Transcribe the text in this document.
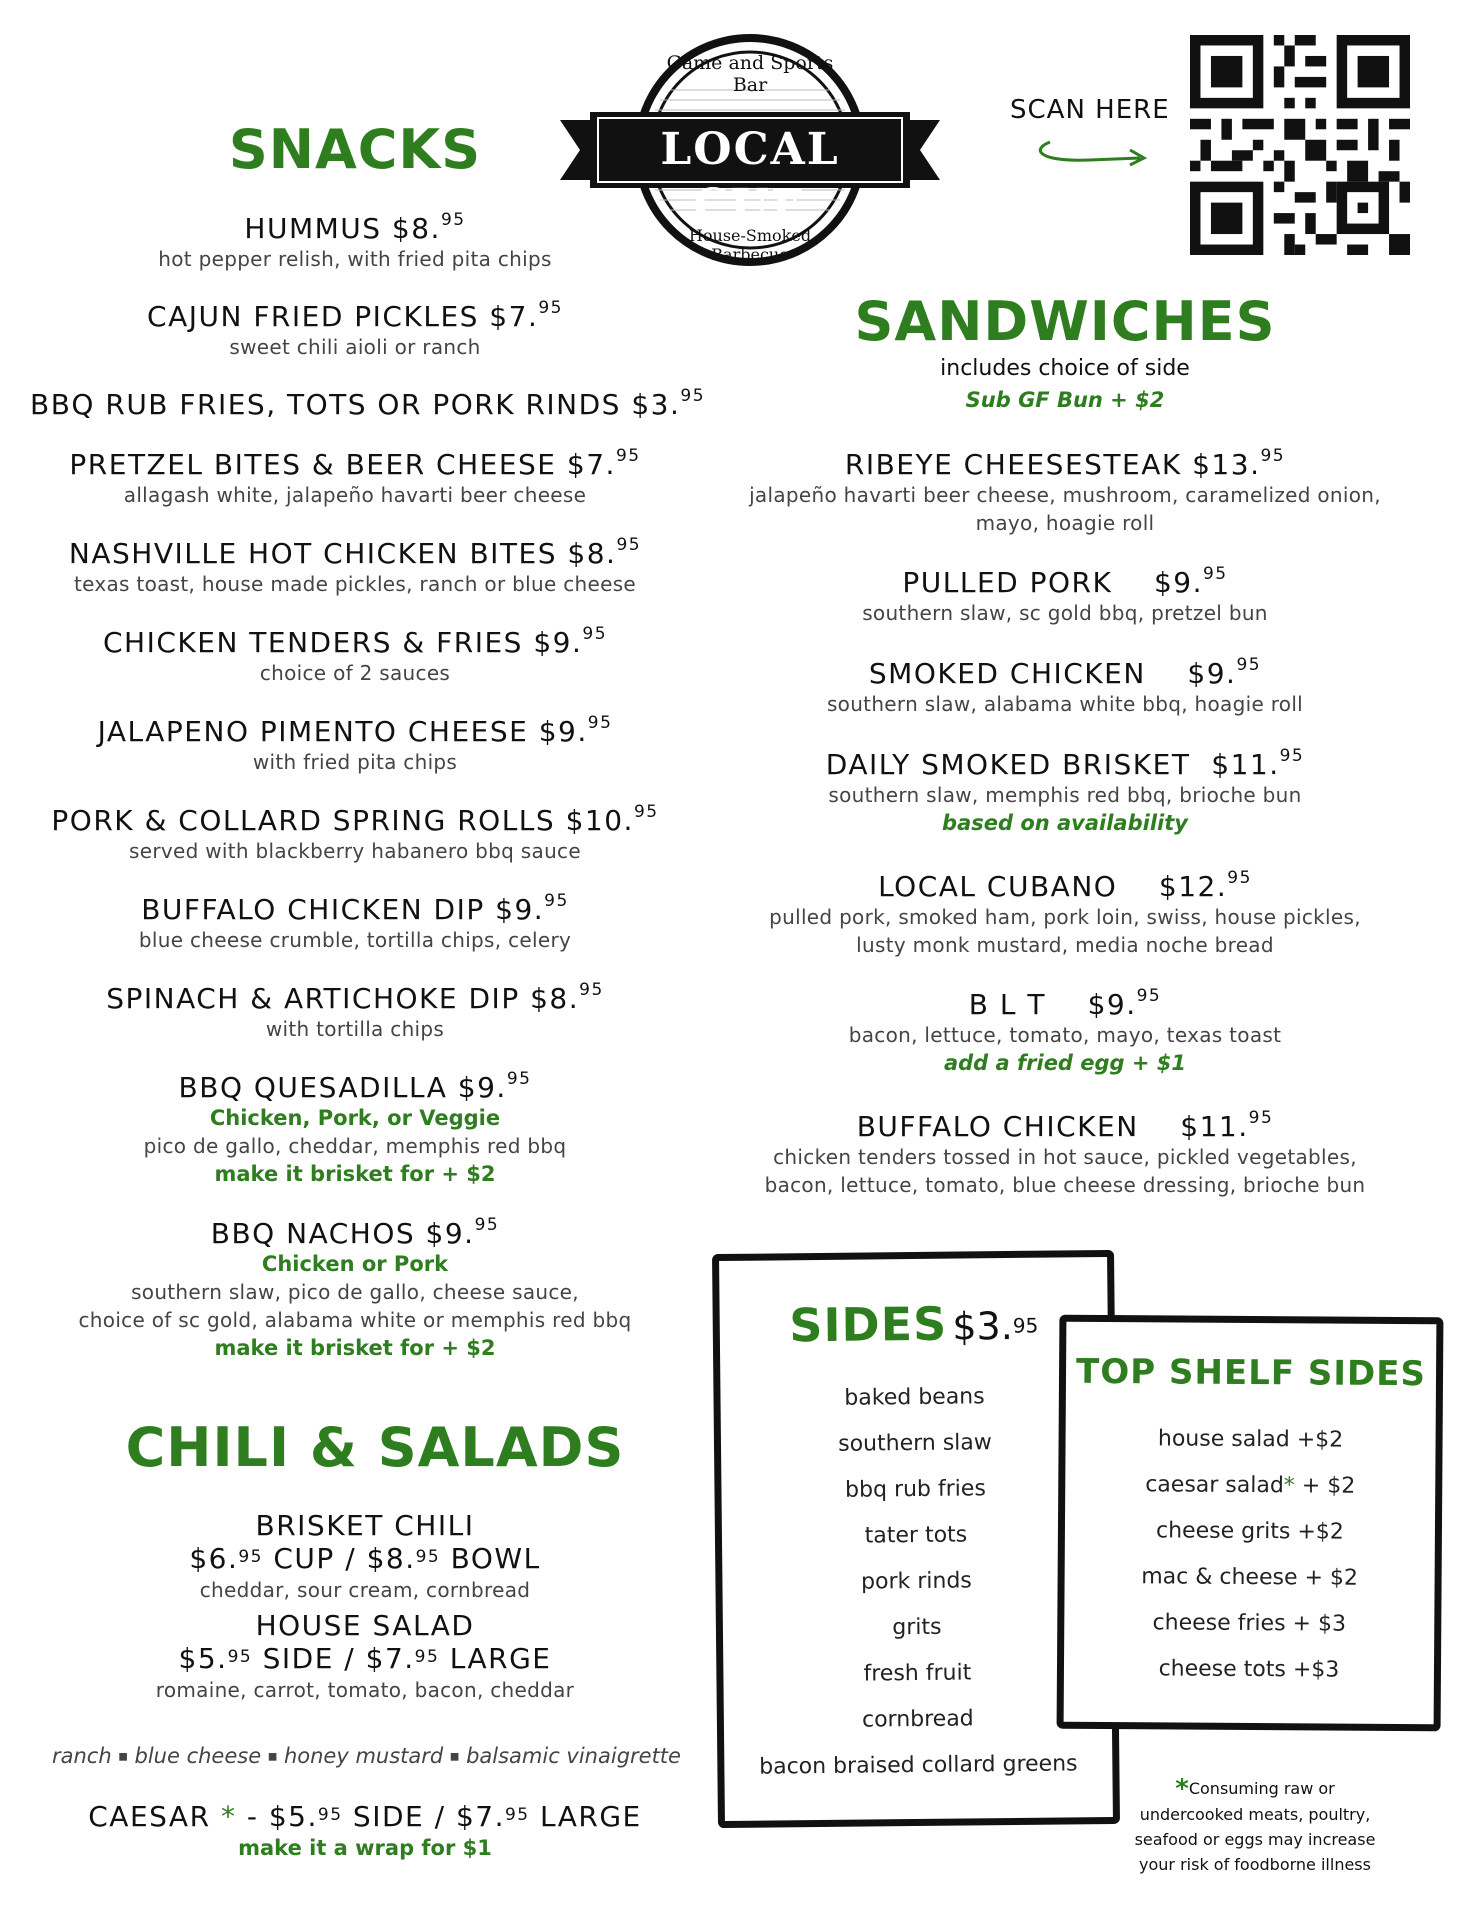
Game and Sports Bar
LOCAL CUE
House-Smoked Barbecue
SCAN HERE
SNACKS
HUMMUS $8.95
hot pepper relish, with fried pita chips
CAJUN FRIED PICKLES $7.95
sweet chili aioli or ranch
BBQ RUB FRIES, TOTS OR PORK RINDS $3.95
PRETZEL BITES & BEER CHEESE $7.95
allagash white, jalapeño havarti beer cheese
NASHVILLE HOT CHICKEN BITES $8.95
texas toast, house made pickles, ranch or blue cheese
CHICKEN TENDERS & FRIES $9.95
choice of 2 sauces
JALAPENO PIMENTO CHEESE $9.95
with fried pita chips
PORK & COLLARD SPRING ROLLS $10.95
served with blackberry habanero bbq sauce
BUFFALO CHICKEN DIP $9.95
blue cheese crumble, tortilla chips, celery
SPINACH & ARTICHOKE DIP $8.95
with tortilla chips
BBQ QUESADILLA $9.95
Chicken, Pork, or Veggie
pico de gallo, cheddar, memphis red bbq
make it brisket for + $2
BBQ NACHOS $9.95
Chicken or Pork
southern slaw, pico de gallo, cheese sauce,
choice of sc gold, alabama white or memphis red bbq
make it brisket for + $2
CHILI & SALADS
BRISKET CHILI
$6.95 CUP / $8.95 BOWL
cheddar, sour cream, cornbread
HOUSE SALAD
$5.95 SIDE / $7.95 LARGE
romaine, carrot, tomato, bacon, cheddar
ranch ■ blue cheese ■ honey mustard ■ balsamic vinaigrette
CAESAR * - $5.95 SIDE / $7.95 LARGE
make it a wrap for $1
SANDWICHES
includes choice of side
Sub GF Bun + $2
RIBEYE CHEESESTEAK $13.95
jalapeño havarti beer cheese, mushroom, caramelized onion,
mayo, hoagie roll
PULLED PORK    $9.95
southern slaw, sc gold bbq, pretzel bun
SMOKED CHICKEN    $9.95
southern slaw, alabama white bbq, hoagie roll
DAILY SMOKED BRISKET  $11.95
southern slaw, memphis red bbq, brioche bun
based on availability
LOCAL CUBANO    $12.95
pulled pork, smoked ham, pork loin, swiss, house pickles,
lusty monk mustard, media noche bread
B L T    $9.95
bacon, lettuce, tomato, mayo, texas toast
add a fried egg + $1
BUFFALO CHICKEN    $11.95
chicken tenders tossed in hot sauce, pickled vegetables,
bacon, lettuce, tomato, blue cheese dressing, brioche bun
SIDES $3.95
baked beans
southern slaw
bbq rub fries
tater tots
pork rinds
grits
fresh fruit
cornbread
bacon braised collard greens
TOP SHELF SIDES
house salad +$2
caesar salad* + $2
cheese grits +$2
mac & cheese + $2
cheese fries + $3
cheese tots +$3
*Consuming raw or
undercooked meats, poultry,
seafood or eggs may increase
your risk of foodborne illness
